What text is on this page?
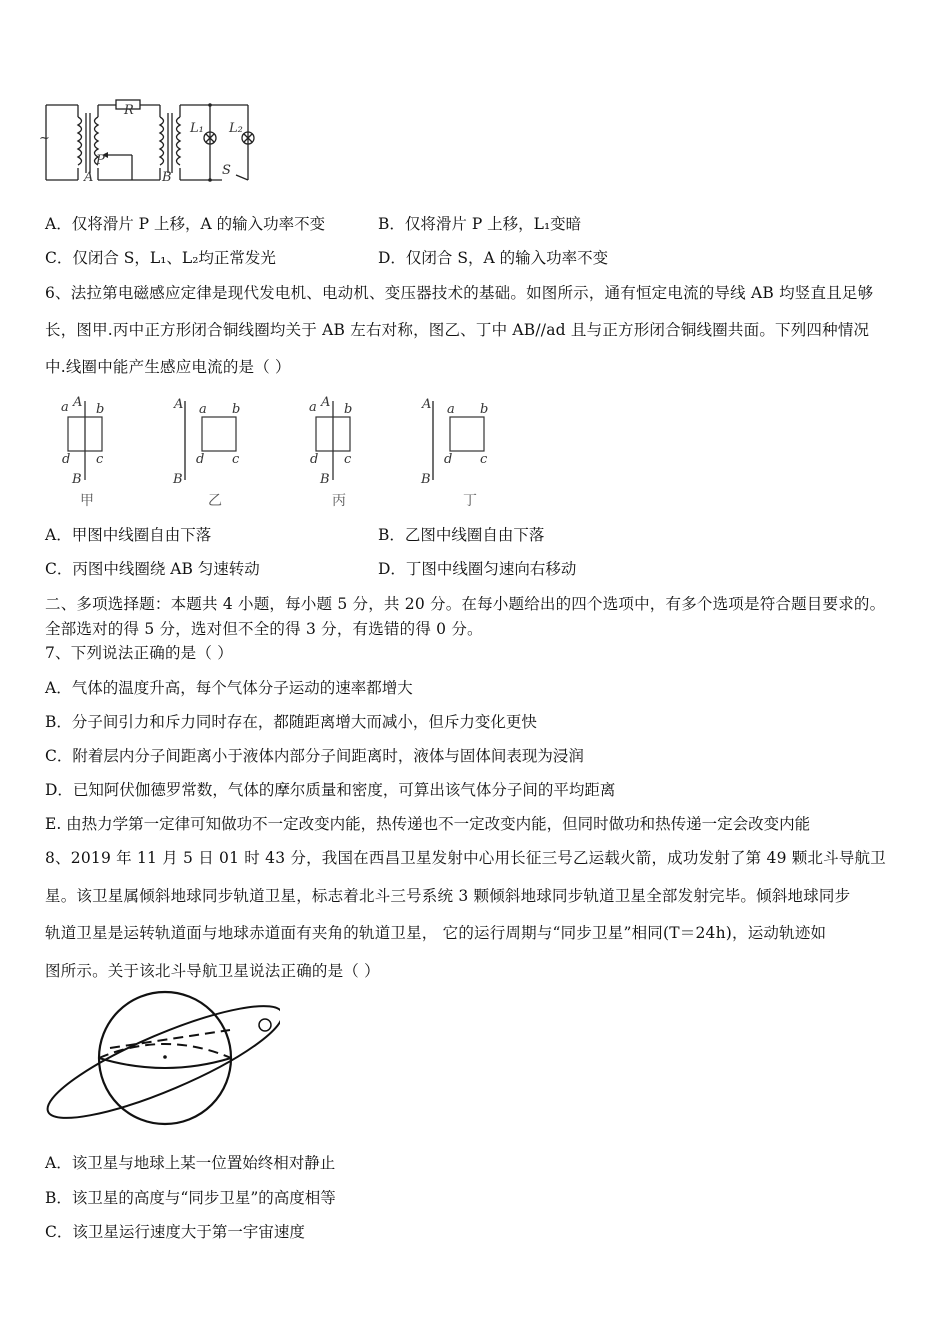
R
P
A	B
L₁ L₂
S
~
A．仅将滑片 P 上移，A 的输入功率不变	B．仅将滑片 P 上移，L₁变暗
C．仅闭合 S，L₁、L₂均正常发光	D．仅闭合 S，A 的输入功率不变
6、法拉第电磁感应定律是现代发电机、电动机、变压器技术的基础。如图所示，通有恒定电流的导线 AB 均竖直且足够
长，图甲.丙中正方形闭合铜线圈均关于 AB 左右对称，图乙、丁中 AB//ad 且与正方形闭合铜线圈共面。下列四种情况
中.线圈中能产生感应电流的是（ ）
a A b
d c
B
甲
A a b
d c
B
乙
a A b
d c
B
丙
A a b
d c
B
丁
A．甲图中线圈自由下落	B．乙图中线圈自由下落
C．丙图中线圈绕 AB 匀速转动	D．丁图中线圈匀速向右移动
二、多项选择题：本题共 4 小题，每小题 5 分，共 20 分。在每小题给出的四个选项中，有多个选项是符合题目要求的。
全部选对的得 5 分，选对但不全的得 3 分，有选错的得 0 分。
7、下列说法正确的是（ ）
A．气体的温度升高，每个气体分子运动的速率都增大
B．分子间引力和斥力同时存在，都随距离增大而减小，但斥力变化更快
C．附着层内分子间距离小于液体内部分子间距离时，液体与固体间表现为浸润
D．已知阿伏伽德罗常数，气体的摩尔质量和密度，可算出该气体分子间的平均距离
E. 由热力学第一定律可知做功不一定改变内能，热传递也不一定改变内能，但同时做功和热传递一定会改变内能
8、2019 年 11 月 5 日 01 时 43 分，我国在西昌卫星发射中心用长征三号乙运载火箭，成功发射了第 49 颗北斗导航卫
星。该卫星属倾斜地球同步轨道卫星，标志着北斗三号系统 3 颗倾斜地球同步轨道卫星全部发射完毕。倾斜地球同步
轨道卫星是运转轨道面与地球赤道面有夹角的轨道卫星， 它的运行周期与“同步卫星”相同(T＝24h)，运动轨迹如
图所示。关于该北斗导航卫星说法正确的是（ ）
A．该卫星与地球上某一位置始终相对静止
B．该卫星的高度与“同步卫星”的高度相等
C．该卫星运行速度大于第一宇宙速度
